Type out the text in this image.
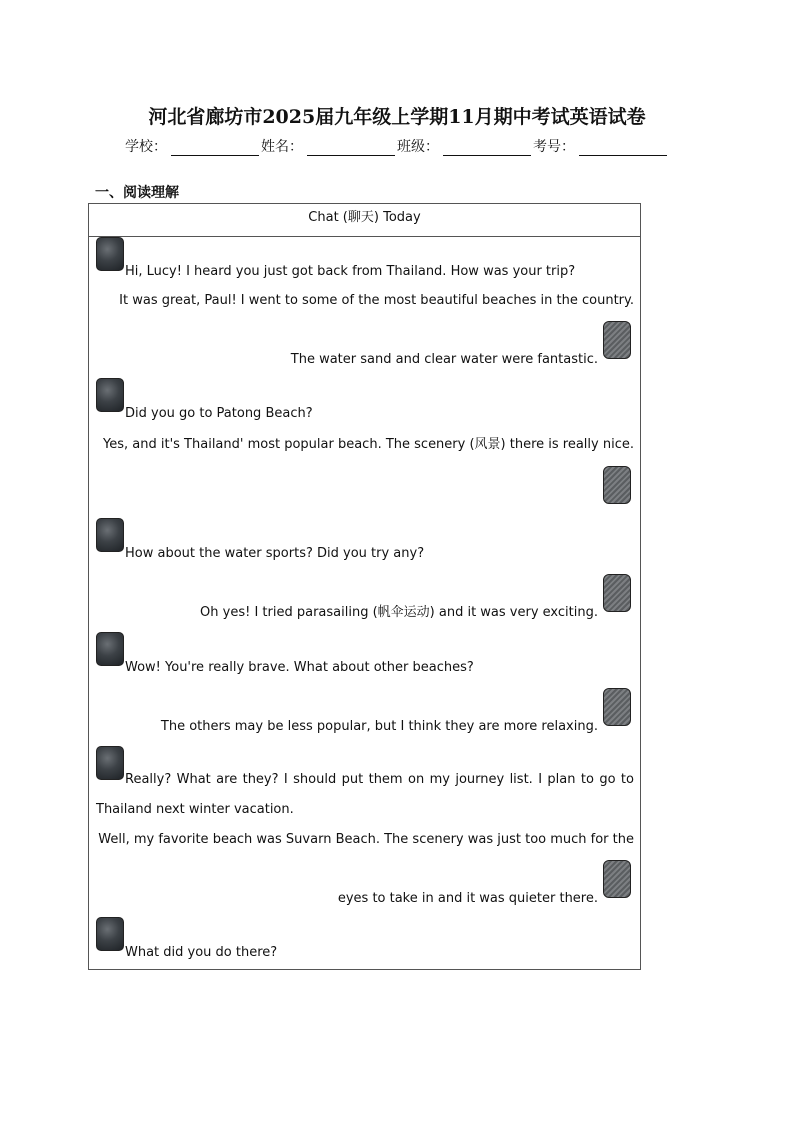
河北省廊坊市2025届九年级上学期11月期中考试英语试卷
学校：	姓名：	班级：	考号：
一、阅读理解
Chat (聊天) Today
Hi, Lucy! I heard you just got back from Thailand. How was your trip?
It was great, Paul! I went to some of the most beautiful beaches in the country.
The water sand and clear water were fantastic.
Did you go to Patong Beach?
Yes, and it's Thailand' most popular beach. The scenery (风景) there is really nice.
How about the water sports? Did you try any?
Oh yes! I tried parasailing (帆伞运动) and it was very exciting.
Wow! You're really brave. What about other beaches?
The others may be less popular, but I think they are more relaxing.
Really? What are they? I should put them on my journey list. I plan to go to Thailand next winter vacation.
Well, my favorite beach was Suvarn Beach. The scenery was just too much for the
eyes to take in and it was quieter there.
What did you do there?
